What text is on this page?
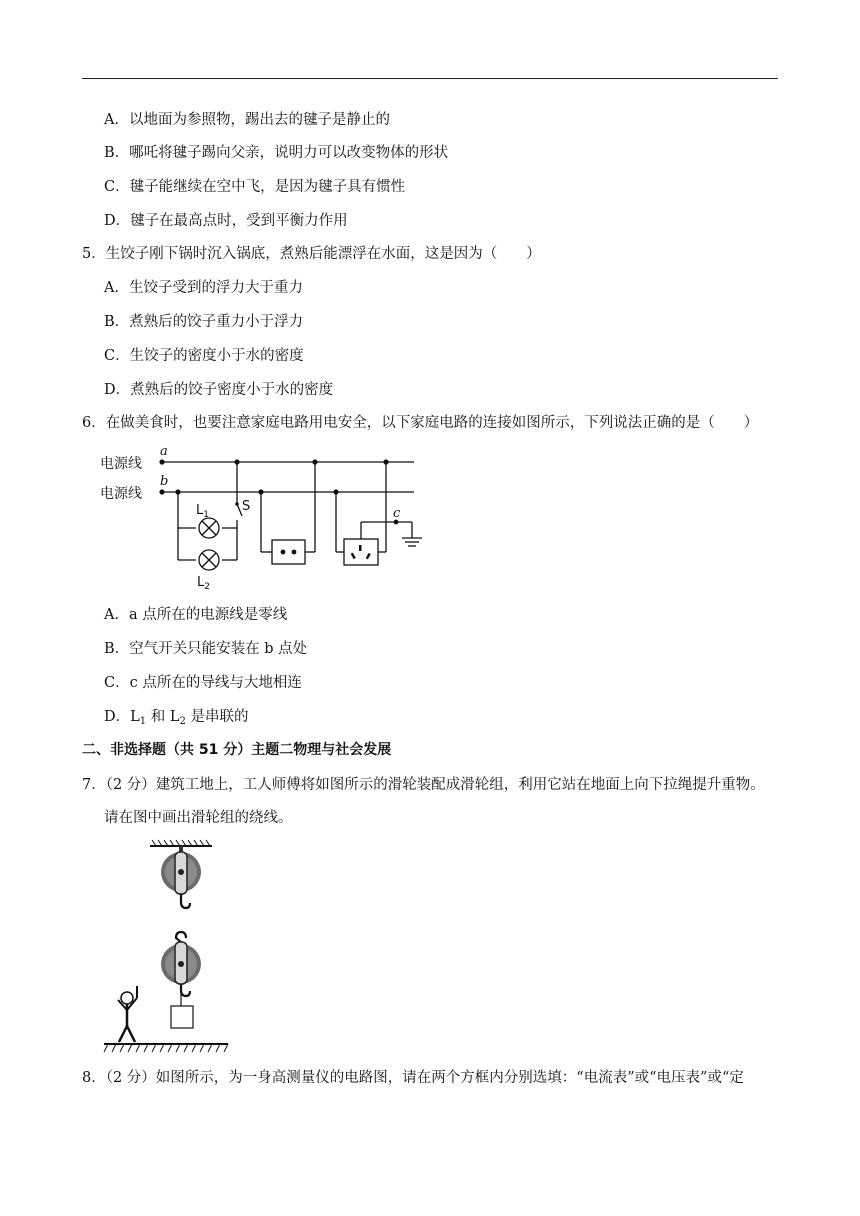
A．以地面为参照物，踢出去的毽子是静止的
B．哪吒将毽子踢向父亲，说明力可以改变物体的形状
C．毽子能继续在空中飞，是因为毽子具有惯性
D．毽子在最高点时，受到平衡力作用
5．生饺子刚下锅时沉入锅底，煮熟后能漂浮在水面，这是因为（　　）
A．生饺子受到的浮力大于重力
B．煮熟后的饺子重力小于浮力
C．生饺子的密度小于水的密度
D．煮熟后的饺子密度小于水的密度
6．在做美食时，也要注意家庭电路用电安全，以下家庭电路的连接如图所示，下列说法正确的是（　　）
电源线
电源线
a
b
c
S
$L_1$
$L_2$
A．a 点所在的电源线是零线
B．空气开关只能安装在 b 点处
C．c 点所在的导线与大地相连
D．$L_1$ 和 $L_2$ 是串联的
二、非选择题（共 51 分）主题二物理与社会发展
7．（2 分）建筑工地上，工人师傅将如图所示的滑轮装配成滑轮组，利用它站在地面上向下拉绳提升重物。
请在图中画出滑轮组的绕线。
8．（2 分）如图所示，为一身高测量仪的电路图，请在两个方框内分别选填：“电流表”或“电压表”或“定
